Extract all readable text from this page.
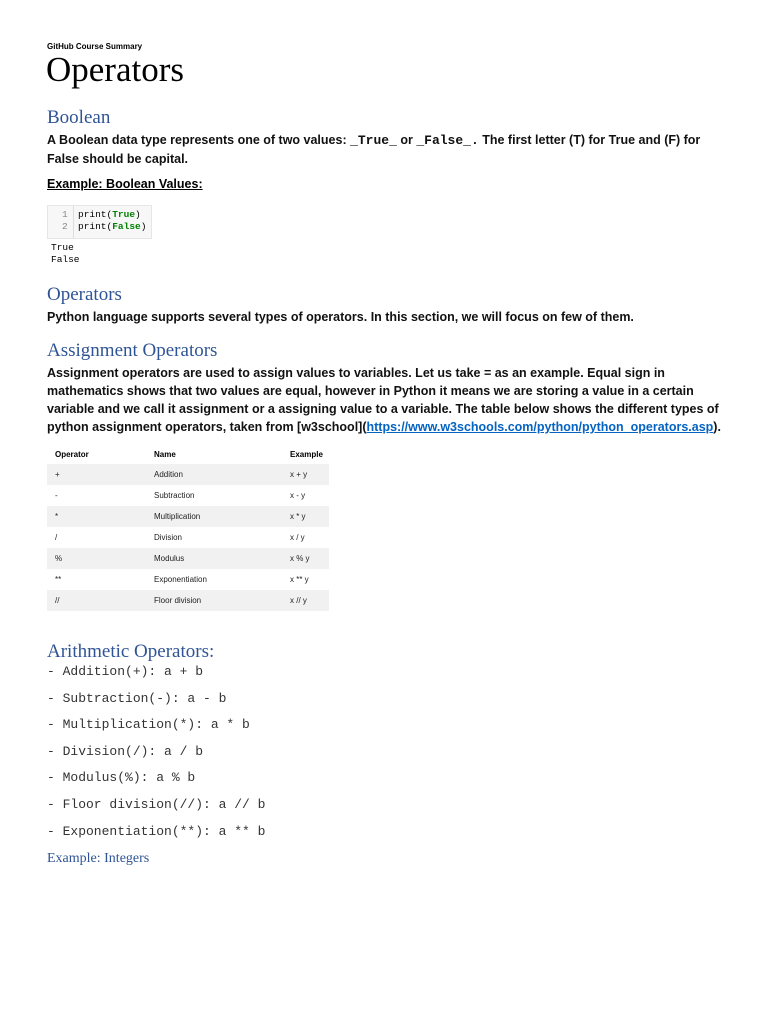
GitHub Course Summary
Operators
Boolean

A Boolean data type represents one of two values: _True_ or _False_. The first letter (T) for True and (F) for False should be capital.

Example: Boolean Values:
1 print(True)
2 print(False)
True
False
Operators

Python language supports several types of operators. In this section, we will focus on few of them.

Assignment Operators

Assignment operators are used to assign values to variables. Let us take = as an example. Equal sign in mathematics shows that two values are equal, however in Python it means we are storing a value in a certain variable and we call it assignment or a assigning value to a variable. The table below shows the different types of python assignment operators, taken from [w3school](https://www.w3schools.com/python/python_operators.asp).

Operator	Name	Example
+	Addition	x + y
-	Subtraction	x - y
*	Multiplication	x * y
/	Division	x / y
%	Modulus	x % y
**	Exponentiation	x ** y
//	Floor division	x // y
Arithmetic Operators:
- Addition(+): a + b
- Subtraction(-): a - b
- Multiplication(*): a * b
- Division(/): a / b
- Modulus(%): a % b
- Floor division(//): a // b
- Exponentiation(**): a ** b
Example: Integers
